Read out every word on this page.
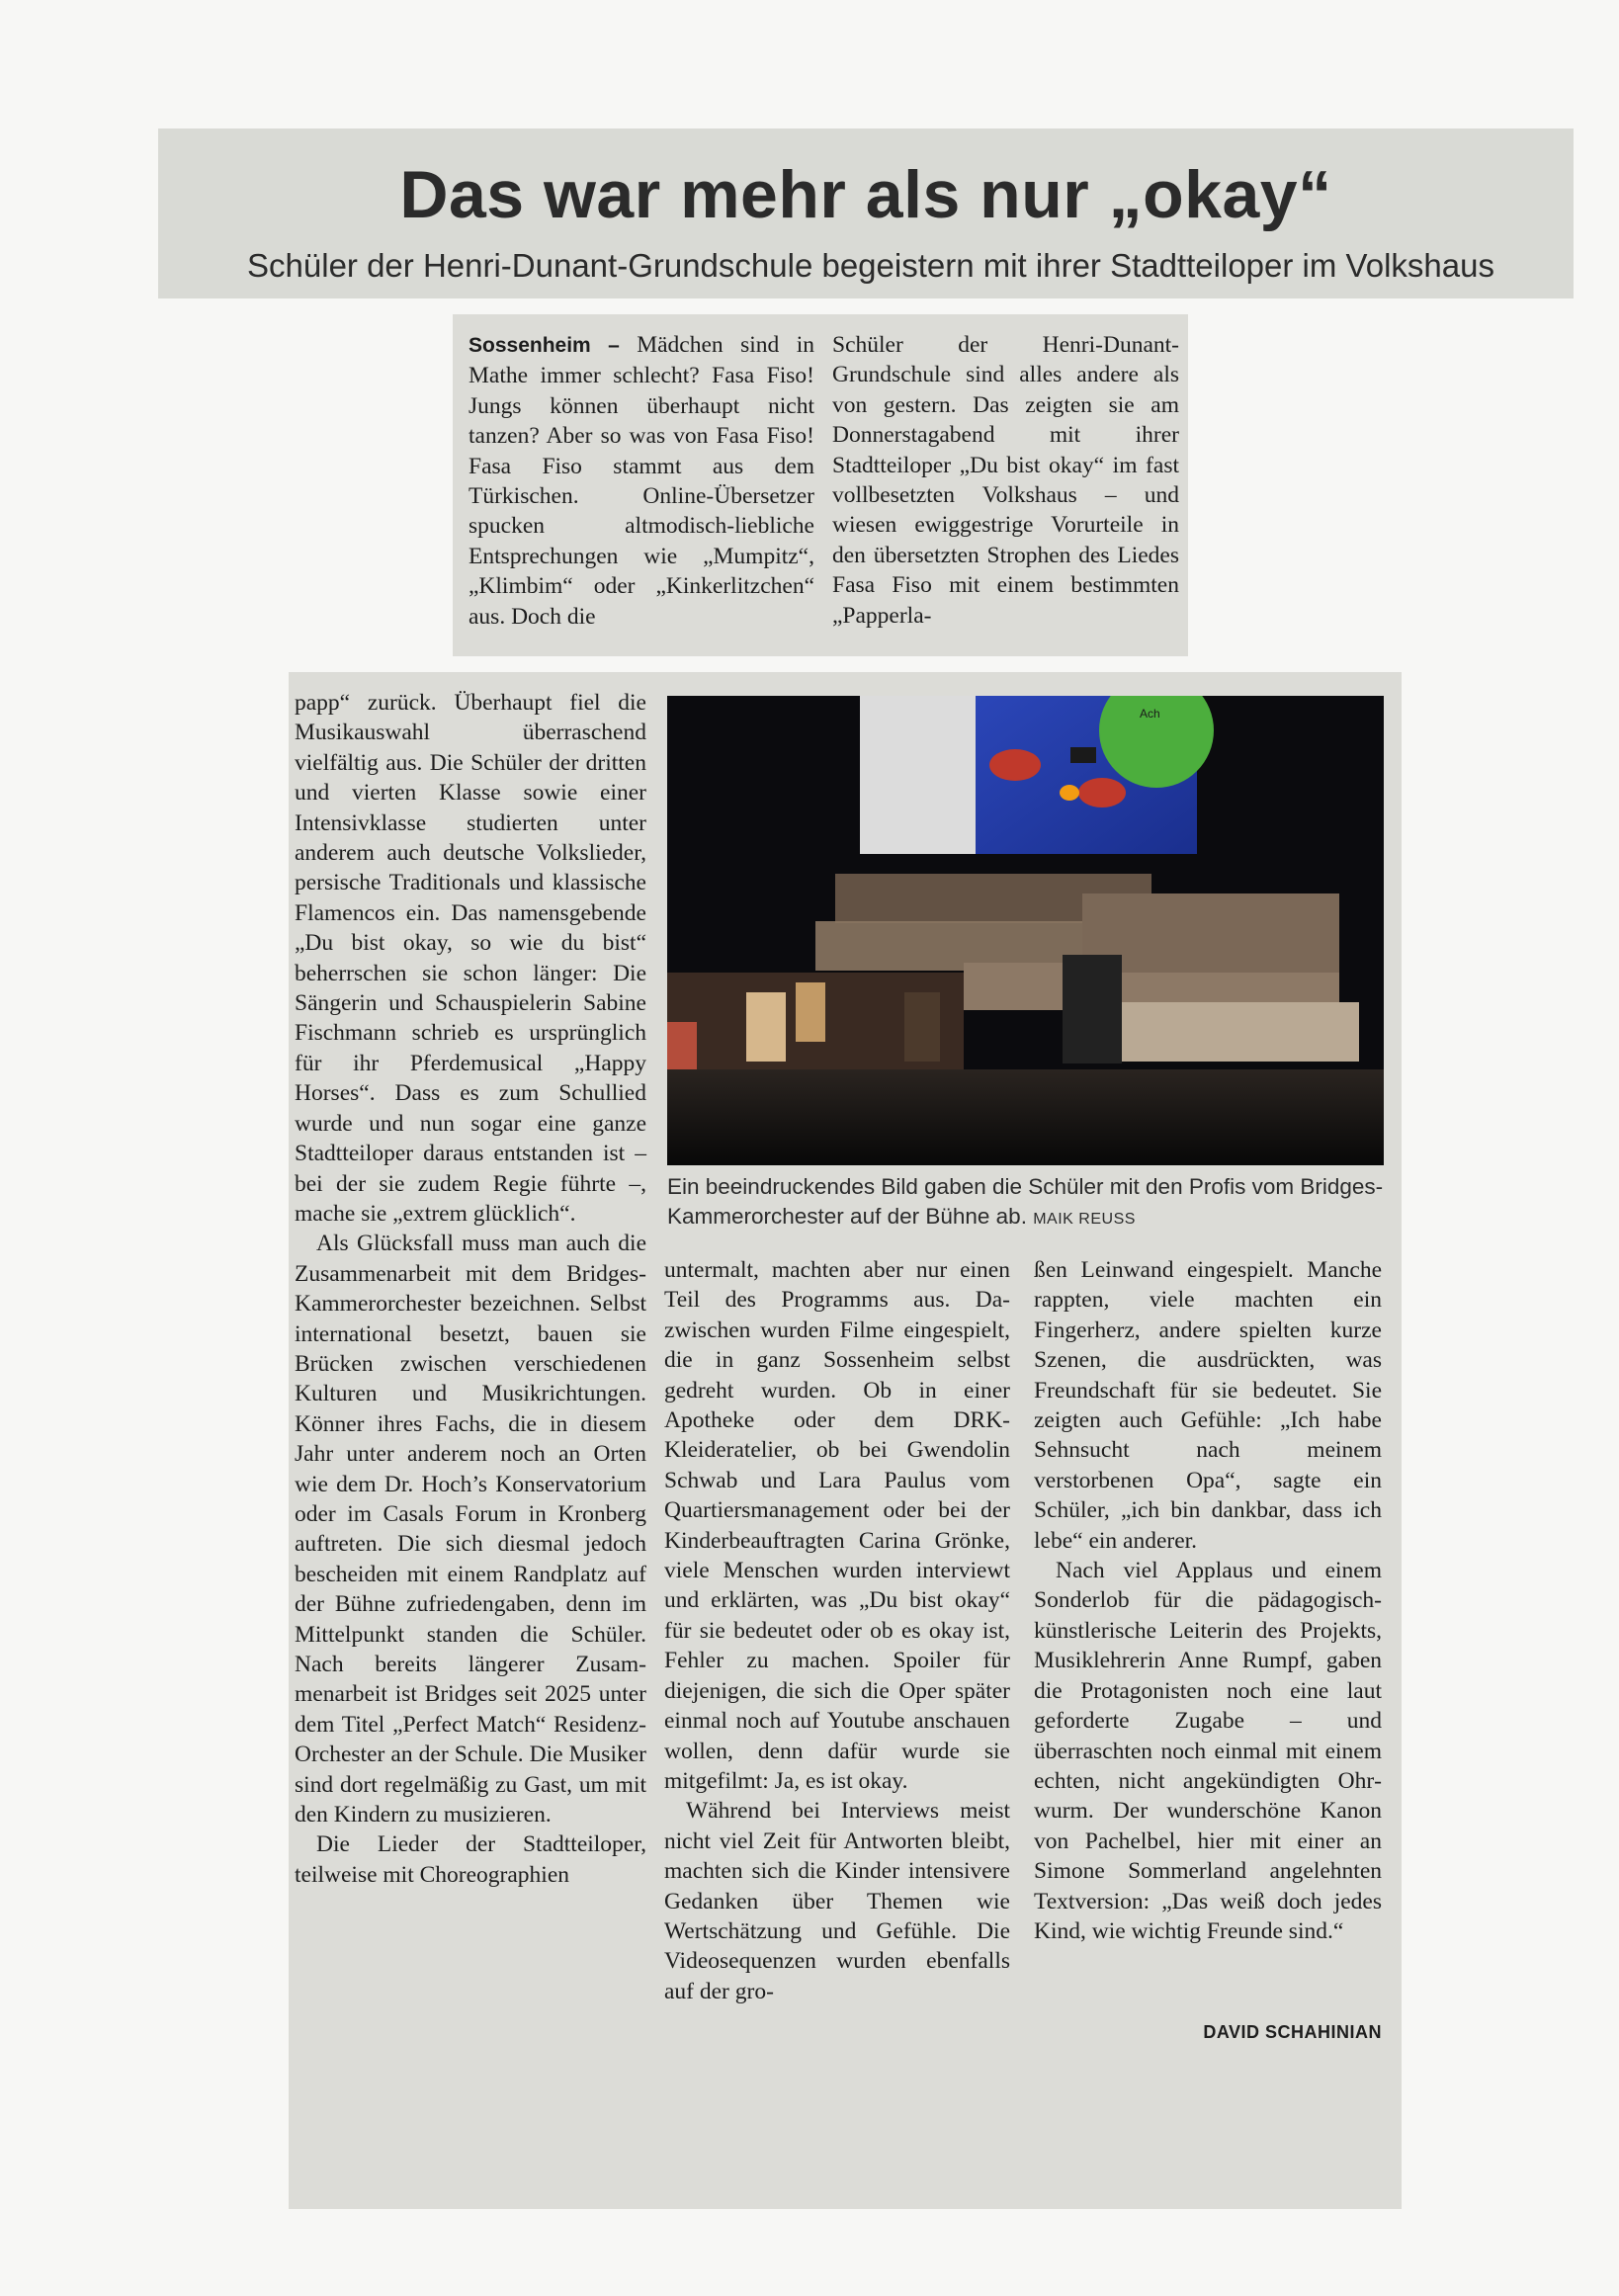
Das war mehr als nur „okay“
Schüler der Henri-Dunant-Grundschule begeistern mit ihrer Stadtteiloper im Volkshaus

Sossenheim – Mädchen sind in Mathe immer schlecht? Fasa Fiso! Jungs können überhaupt nicht tanzen? Aber so was von Fasa Fiso! Fasa Fiso stammt aus dem Türkischen. Online-Übersetzer spucken altmodisch-liebliche Entsprechungen wie „Mumpitz“, „Klimbim“ oder „Kinkerlitzchen“ aus. Doch die

Schüler der Henri-Dunant-Grundschule sind alles andere als von gestern. Das zeigten sie am Donnerstagabend mit ihrer Stadtteiloper „Du bist okay“ im fast vollbesetzten Volkshaus – und wiesen ewiggestrige Vorurteile in den übersetzten Strophen des Liedes Fasa Fiso mit einem bestimmten „Papperla-

papp“ zurück. Überhaupt fiel die Musikauswahl überraschend vielfältig aus. Die Schüler der dritten und vierten Klasse sowie einer Intensivklasse studierten unter anderem auch deutsche Volkslieder, persische Traditionals und klassische Flamencos ein. Das namensgebende „Du bist okay, so wie du bist“ beherrschen sie schon länger: Die Sängerin und Schauspielerin Sabine Fischmann schrieb es ursprünglich für ihr Pferdemusical „Happy Horses“. Dass es zum Schullied wurde und nun sogar eine ganze Stadtteiloper daraus entstanden ist – bei der sie zudem Regie führte –, mache sie „extrem glücklich“.

Als Glücksfall muss man auch die Zusammenarbeit mit dem Bridges-Kammerorchester bezeichnen. Selbst international besetzt, bauen sie Brücken zwischen verschiedenen Kulturen und Musikrichtungen. Könner ihres Fachs, die in diesem Jahr unter anderem noch an Orten wie dem Dr. Hoch’s Konservatorium oder im Casals Forum in Kronberg auftreten. Die sich diesmal jedoch bescheiden mit einem Randplatz auf der Bühne zufriedengaben, denn im Mittelpunkt standen die Schüler. Nach bereits längerer Zusammenarbeit ist Bridges seit 2025 unter dem Titel „Perfect Match“ Residenz-Orchester an der Schule. Die Musiker sind dort regelmäßig zu Gast, um mit den Kindern zu musizieren.

Die Lieder der Stadtteiloper, teilweise mit Choreographien

Ach
Ein beeindruckendes Bild gaben die Schüler mit den Profis vom Bridges-Kammerorchester auf der Bühne ab. MAIK REUSS

untermalt, machten aber nur einen Teil des Programms aus. Dazwischen wurden Filme eingespielt, die in ganz Sossenheim selbst gedreht wurden. Ob in einer Apotheke oder dem DRK-Kleideratelier, ob bei Gwendolin Schwab und Lara Paulus vom Quartiersmanagement oder bei der Kinderbeauftragten Carina Grönke, viele Menschen wurden interviewt und erklärten, was „Du bist okay“ für sie bedeutet oder ob es okay ist, Fehler zu machen. Spoiler für diejenigen, die sich die Oper später einmal noch auf Youtube anschauen wollen, denn dafür wurde sie mitgefilmt: Ja, es ist okay.

Während bei Interviews meist nicht viel Zeit für Antworten bleibt, machten sich die Kinder intensivere Gedanken über Themen wie Wertschätzung und Gefühle. Die Videosequenzen wurden ebenfalls auf der gro-

ßen Leinwand eingespielt. Manche rappten, viele machten ein Fingerherz, andere spielten kurze Szenen, die ausdrückten, was Freundschaft für sie bedeutet. Sie zeigten auch Gefühle: „Ich habe Sehnsucht nach meinem verstorbenen Opa“, sagte ein Schüler, „ich bin dankbar, dass ich lebe“ ein anderer.

Nach viel Applaus und einem Sonderlob für die pädagogisch-künstlerische Leiterin des Projekts, Musiklehrerin Anne Rumpf, gaben die Protagonisten noch eine laut geforderte Zugabe – und überraschten noch einmal mit einem echten, nicht angekündigten Ohrwurm. Der wunderschöne Kanon von Pachelbel, hier mit einer an Simone Sommerland angelehnten Textversion: „Das weiß doch jedes Kind, wie wichtig Freunde sind.“

DAVID SCHAHINIAN
